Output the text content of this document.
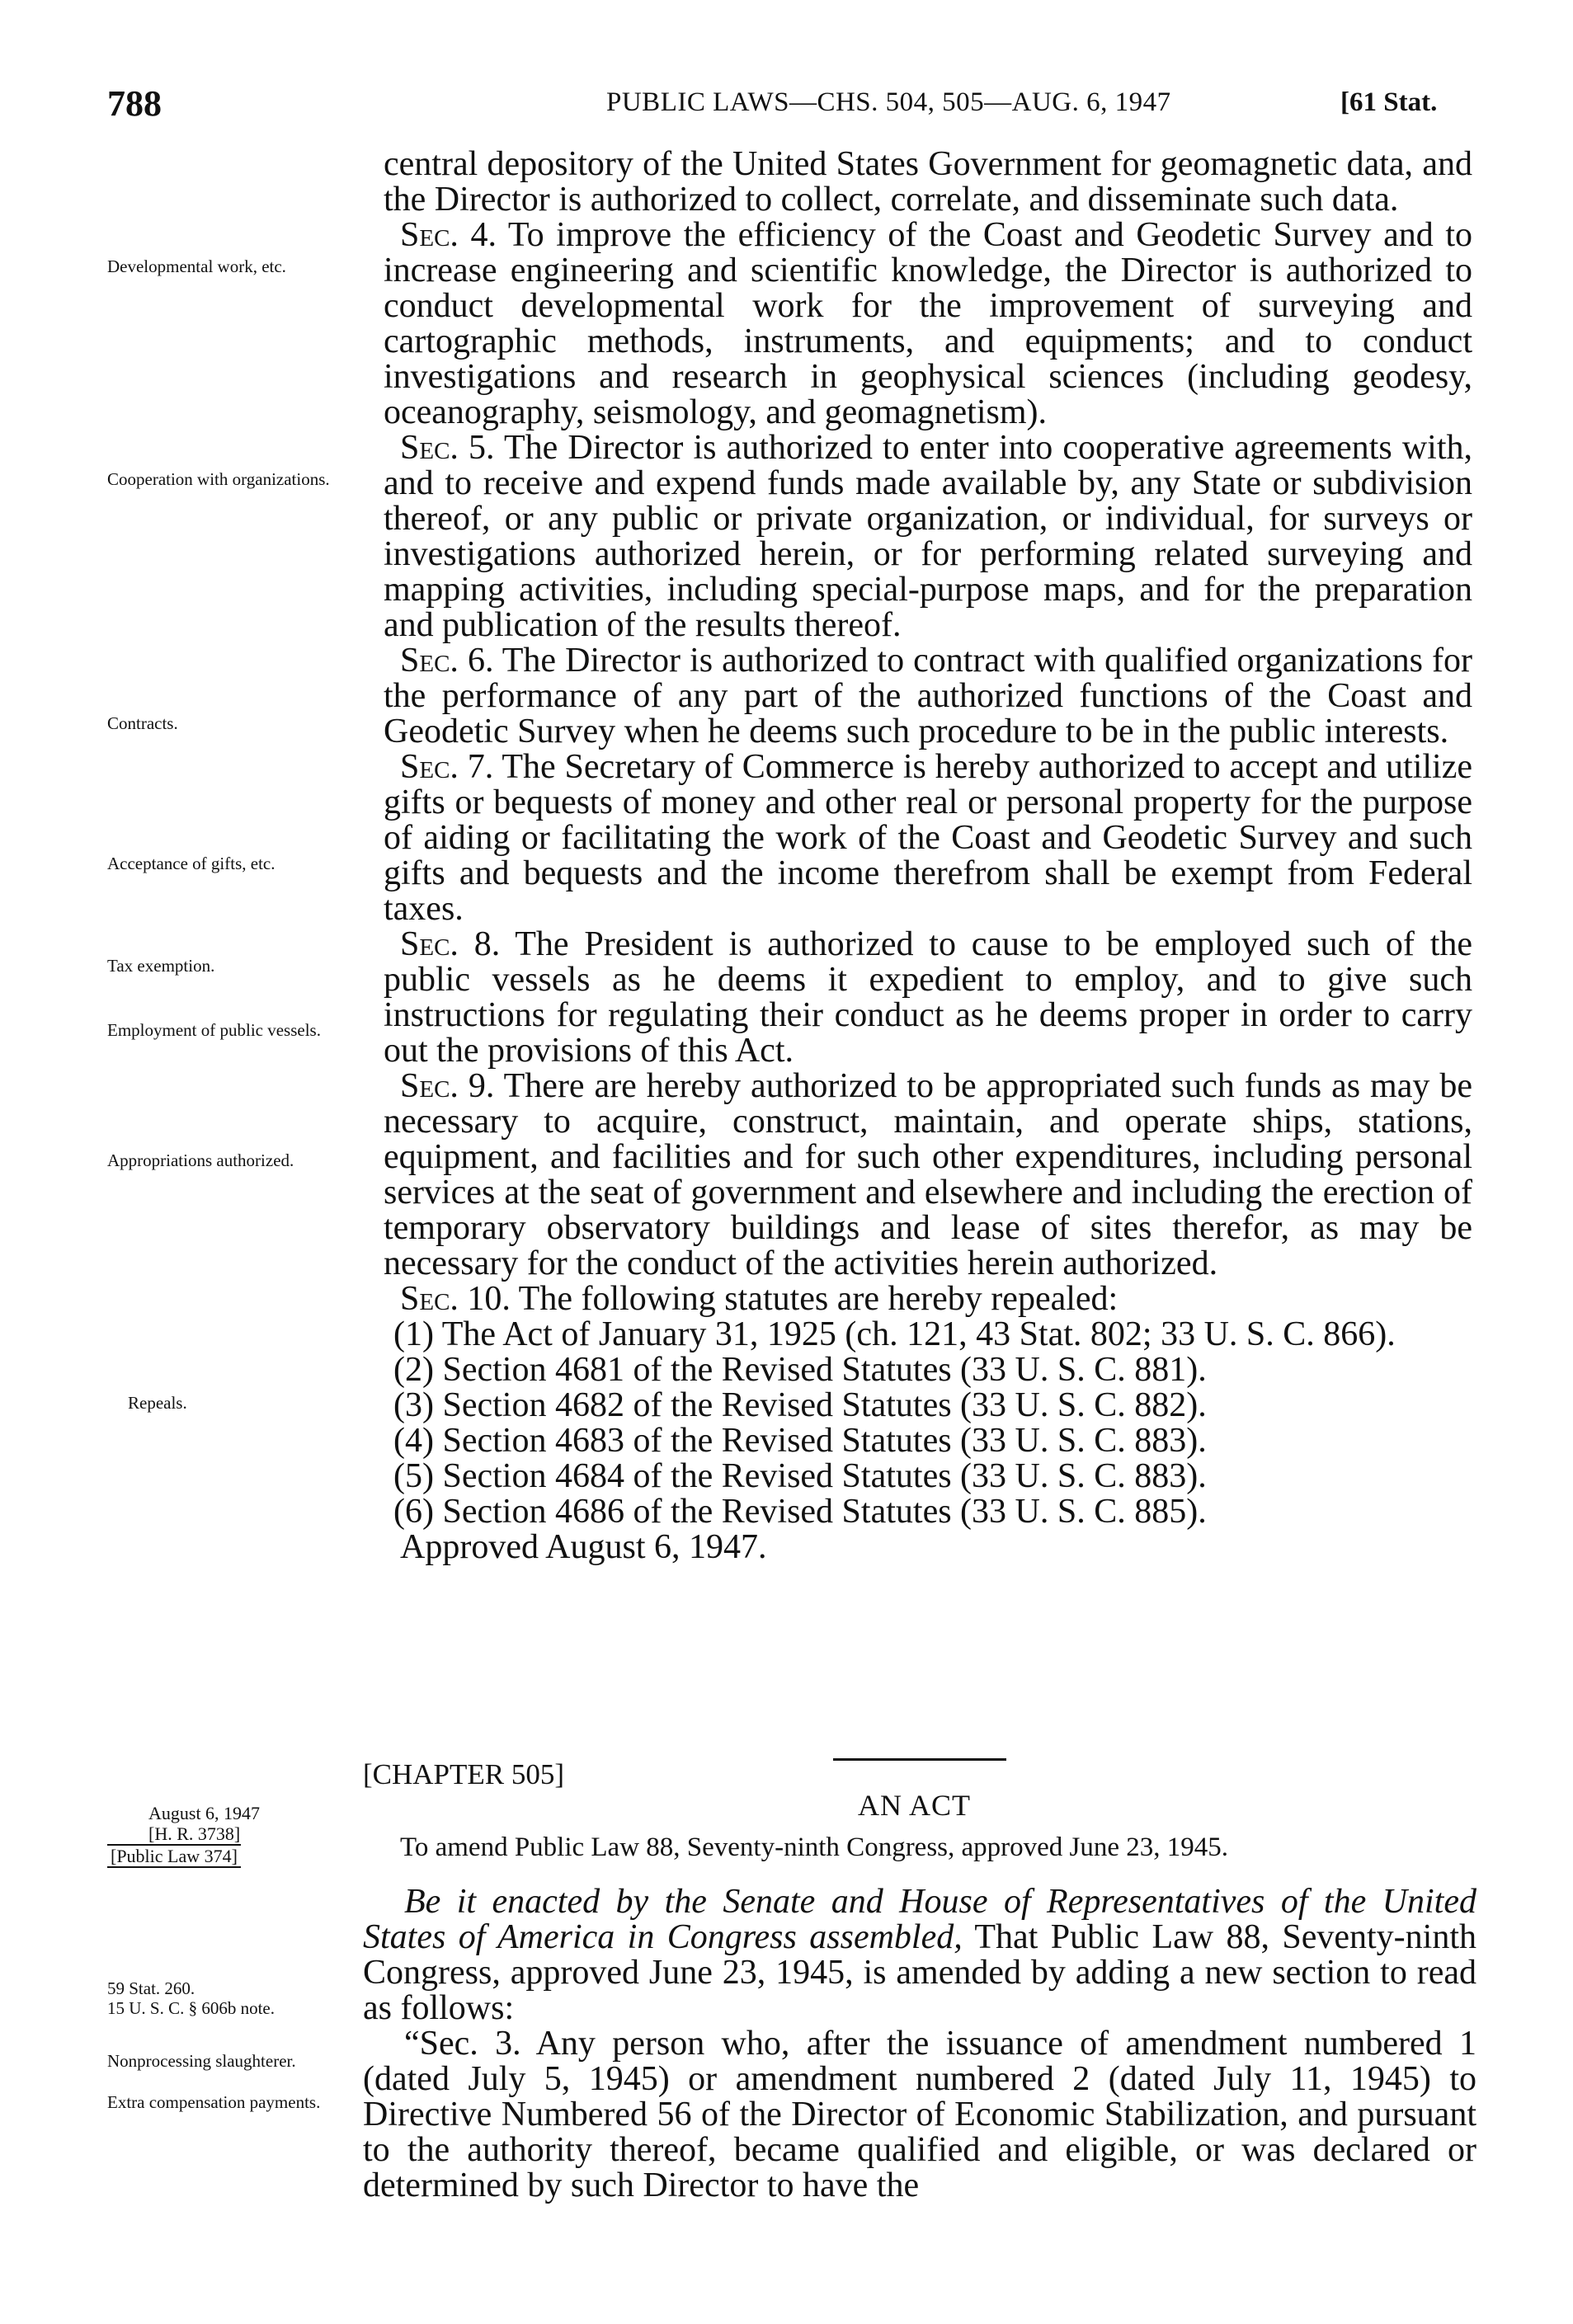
788	PUBLIC LAWS—CHS. 504, 505—AUG. 6, 1947	[61 Stat.

central depository of the United States Government for geomagnetic data, and the Director is authorized to collect, correlate, and disseminate such data.

Sec. 4. To improve the efficiency of the Coast and Geodetic Survey and to increase engineering and scientific knowledge, the Director is authorized to conduct developmental work for the improvement of surveying and cartographic methods, instruments, and equipments; and to conduct investigations and research in geophysical sciences (including geodesy, oceanography, seismology, and geomagnetism).

Sec. 5. The Director is authorized to enter into cooperative agreements with, and to receive and expend funds made available by, any State or subdivision thereof, or any public or private organization, or individual, for surveys or investigations authorized herein, or for performing related surveying and mapping activities, including special-purpose maps, and for the preparation and publication of the results thereof.

Sec. 6. The Director is authorized to contract with qualified organizations for the performance of any part of the authorized functions of the Coast and Geodetic Survey when he deems such procedure to be in the public interests.

Sec. 7. The Secretary of Commerce is hereby authorized to accept and utilize gifts or bequests of money and other real or personal property for the purpose of aiding or facilitating the work of the Coast and Geodetic Survey and such gifts and bequests and the income therefrom shall be exempt from Federal taxes.

Sec. 8. The President is authorized to cause to be employed such of the public vessels as he deems it expedient to employ, and to give such instructions for regulating their conduct as he deems proper in order to carry out the provisions of this Act.

Sec. 9. There are hereby authorized to be appropriated such funds as may be necessary to acquire, construct, maintain, and operate ships, stations, equipment, and facilities and for such other expenditures, including personal services at the seat of government and elsewhere and including the erection of temporary observatory buildings and lease of sites therefor, as may be necessary for the conduct of the activities herein authorized.

Sec. 10. The following statutes are hereby repealed:

(1) The Act of January 31, 1925 (ch. 121, 43 Stat. 802; 33 U. S. C. 866).
(2) Section 4681 of the Revised Statutes (33 U. S. C. 881).
(3) Section 4682 of the Revised Statutes (33 U. S. C. 882).
(4) Section 4683 of the Revised Statutes (33 U. S. C. 883).
(5) Section 4684 of the Revised Statutes (33 U. S. C. 883).
(6) Section 4686 of the Revised Statutes (33 U. S. C. 885).

Approved August 6, 1947.

Developmental work, etc.
Cooperation with organizations.
Contracts.
Acceptance of gifts, etc.
Tax exemption.
Employment of public vessels.
Appropriations authorized.
Repeals.
[CHAPTER 505]
AN ACT
August 6, 1947
[H. R. 3738]
[Public Law 374]	To amend Public Law 88, Seventy-ninth Congress, approved June 23, 1945.

Be it enacted by the Senate and House of Representatives of the United States of America in Congress assembled, That Public Law 88, Seventy-ninth Congress, approved June 23, 1945, is amended by adding a new section to read as follows:

“Sec. 3. Any person who, after the issuance of amendment numbered 1 (dated July 5, 1945) or amendment numbered 2 (dated July 11, 1945) to Directive Numbered 56 of the Director of Economic Stabilization, and pursuant to the authority thereof, became qualified and eligible, or was declared or determined by such Director to have the

59 Stat. 260.
15 U. S. C. § 606b note.
Nonprocessing slaughterer.
Extra compensation payments.
